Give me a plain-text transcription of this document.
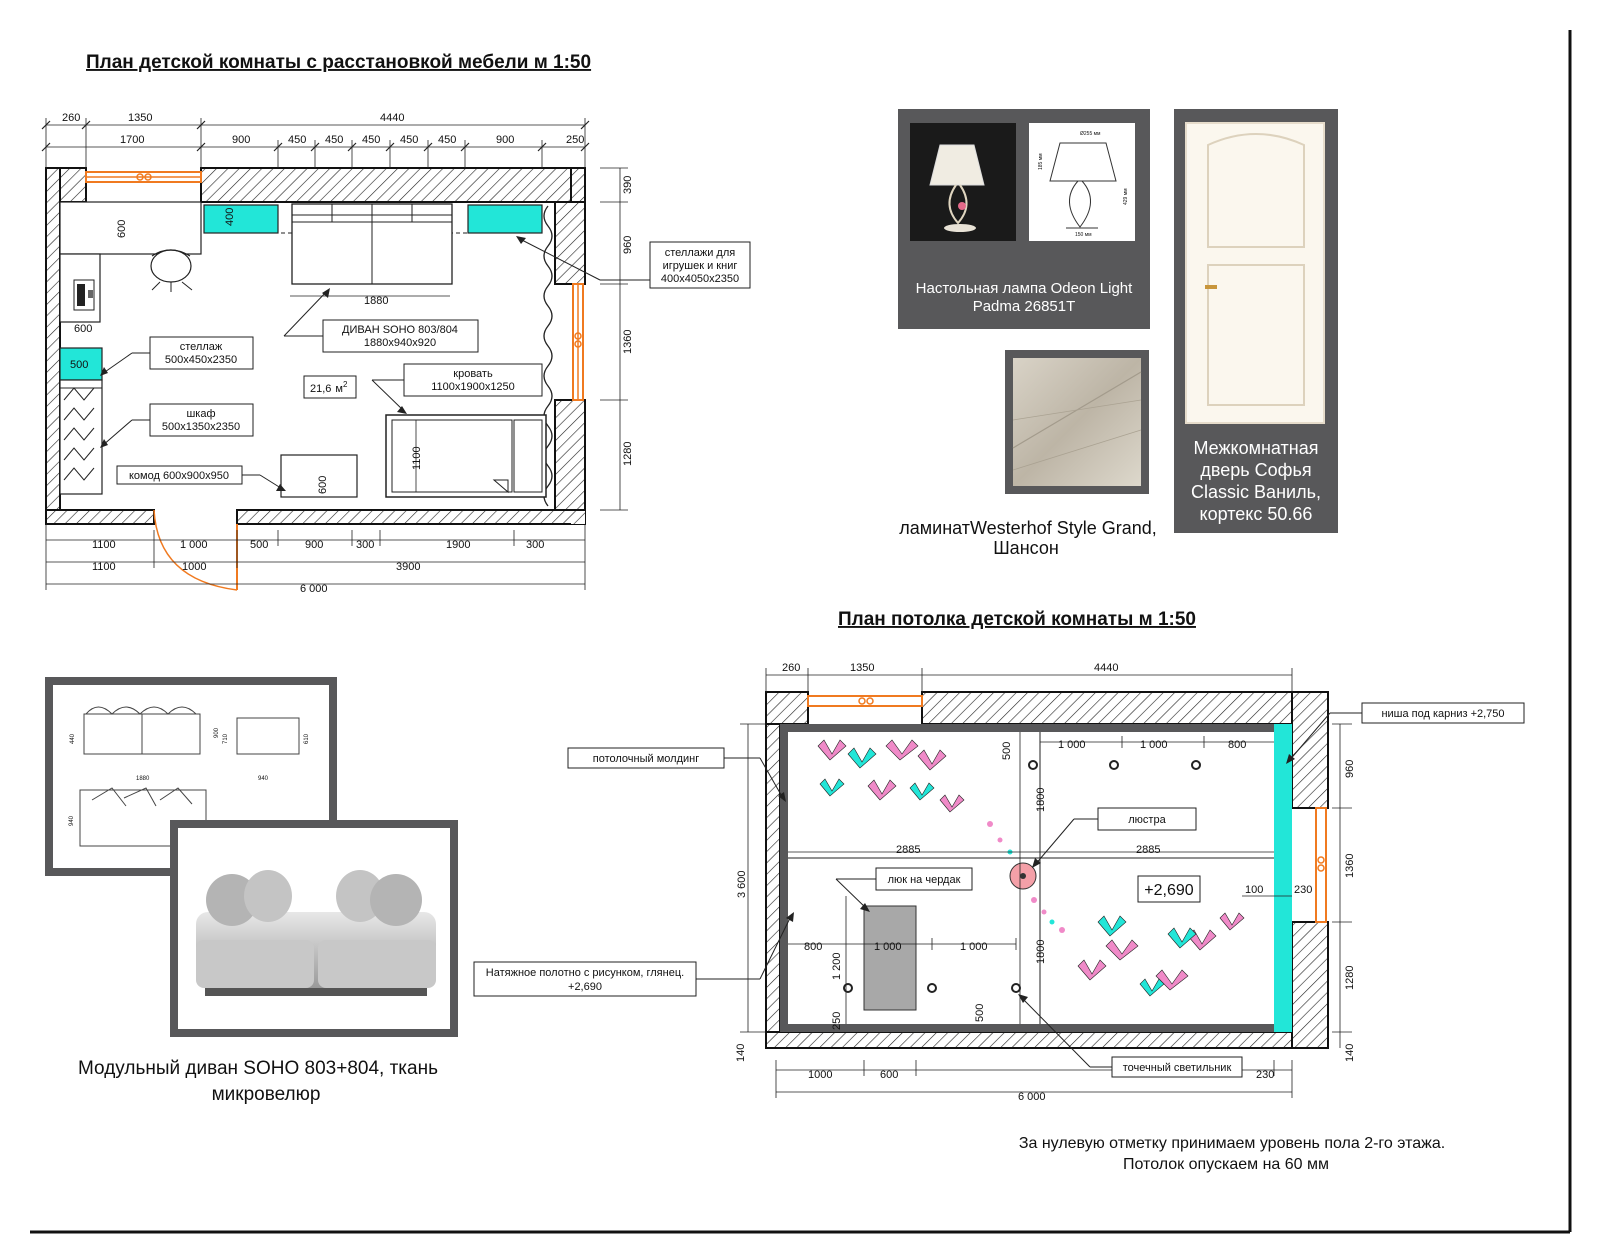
План детской комнаты с расстановкой мебели м 1:50
План потолка детской комнаты м 1:50
260	1350	4440
1700	900	450 450 450 450 450	900	250
390
960
1360
1280
1100	1 000	500	900	300	1900	300
1100	1000	3900
6 000
600
400
1880
600
500
1100
600
21,6 $м^2$
стеллажи для
игрушек и книг
400х4050х2350
ДИВАН SOHO 803/804
1880х940х920
стеллаж
500х450х2350
кровать
1100х1900х1250
шкаф
500х1350х2350
комод 600х900х950
Ø255 мм
185 мм
429 мм
150 мм
Настольная лампа Odeon Light
Padma 26851T
ламинатWesterhof Style Grand,
Шансон
Межкомнатная
дверь Софья
Classic Ваниль,
кортекс 50.66
1880
440
900
710	610
940
940
Модульный диван SOHO 803+804, ткань
микровелюр
+2,690
260	1350	4440
1 000	1 000	800
2885	2885
800	1 000	1 000
3 600
500
1800
1800
500
1 200
250
960
1360
1280
140
100	230
140
1000	600	230
6 000
ниша под карниз +2,750
потолочный молдинг
люстра
люк на чердак
Натяжное полотно с рисунком, глянец.
+2,690
точечный светильник
За нулевую отметку принимаем уровень пола 2-го этажа.
Потолок опускаем на 60 мм
